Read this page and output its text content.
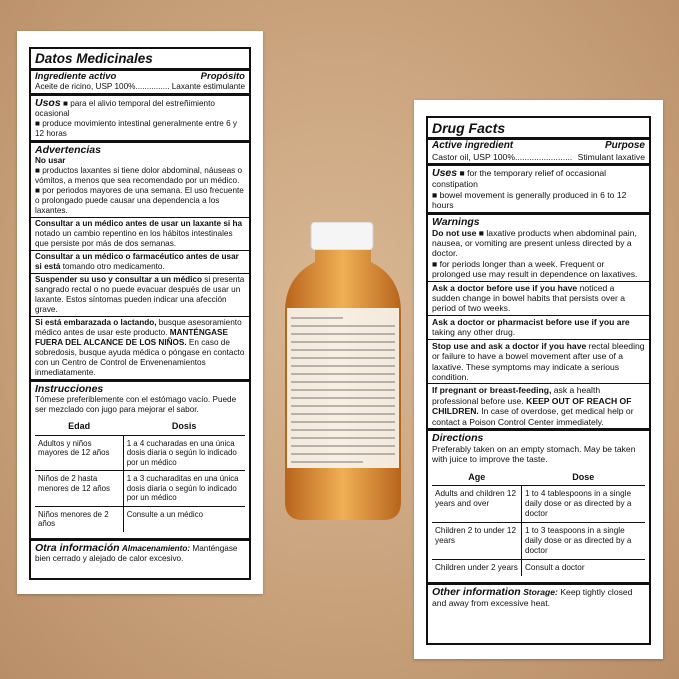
Datos Medicinales
Ingrediente activo	Propósito
Aceite de ricino, USP 100%............... Laxante estimulante
Usos ■ para el alivio temporal del estreñimiento ocasional
■ produce movimiento intestinal generalmente entre 6 y 12 horas
Advertencias
No usar
■ productos laxantes si tiene dolor abdominal, náuseas o vómitos, a menos que sea recomendado por un médico.
■ por periodos mayores de una semana. El uso frecuente o prolongado puede causar una dependencia a los laxantes.
Consultar a un médico antes de usar un laxante si ha notado un cambio repentino en los hábitos intestinales que persiste por más de dos semanas.
Consultar a un médico o farmacéutico antes de usar si está tomando otro medicamento.
Suspender su uso y consultar a un médico si presenta sangrado rectal o no puede evacuar después de usar un laxante. Estos síntomas pueden indicar una afección grave.
Si está embarazada o lactando, busque asesoramiento médico antes de usar este producto. MANTÉNGASE FUERA DEL ALCANCE DE LOS NIÑOS. En caso de sobredosis, busque ayuda médica o póngase en contacto con un Centro de Control de Envenenamientos inmediatamente.
Instrucciones
Tómese preferiblemente con el estómago vacío. Puede ser mezclado con jugo para mejorar el sabor.
Edad	Dosis
Adultos y niños mayores de 12 años	1 a 4 cucharadas en una única dosis diaria o según lo indicado por un médico
Niños de 2 hasta menores de 12 años	1 a 3 cucharaditas en una única dosis diaria o según lo indicado por un médico
Niños menores de 2 años	Consulte a un médico
Otra información Almacenamiento: Manténgase bien cerrado y alejado de calor excesivo.
Drug Facts
Active ingredient	Purpose
Castor oil, USP 100%........................ Stimulant laxative
Uses ■ for the temporary relief of occasional constipation
■ bowel movement is generally produced in 6 to 12 hours
Warnings
Do not use ■ laxative products when abdominal pain, nausea, or vomiting are present unless directed by a doctor.
■ for periods longer than a week. Frequent or prolonged use may result in dependence on laxatives.
Ask a doctor before use if you have noticed a sudden change in bowel habits that persists over a period of two weeks.
Ask a doctor or pharmacist before use if you are taking any other drug.
Stop use and ask a doctor if you have rectal bleeding or failure to have a bowel movement after use of a laxative. These symptoms may indicate a serious condition.
If pregnant or breast-feeding, ask a health professional before use. KEEP OUT OF REACH OF CHILDREN. In case of overdose, get medical help or contact a Poison Control Center immediately.
Directions
Preferably taken on an empty stomach. May be taken with juice to improve the taste.
Age	Dose
Adults and children 12 years and over	1 to 4 tablespoons in a single daily dose or as directed by a doctor
Children 2 to under 12 years	1 to 3 teaspoons in a single daily dose or as directed by a doctor
Children under 2 years	Consult a doctor
Other information Storage: Keep tightly closed and away from excessive heat.
